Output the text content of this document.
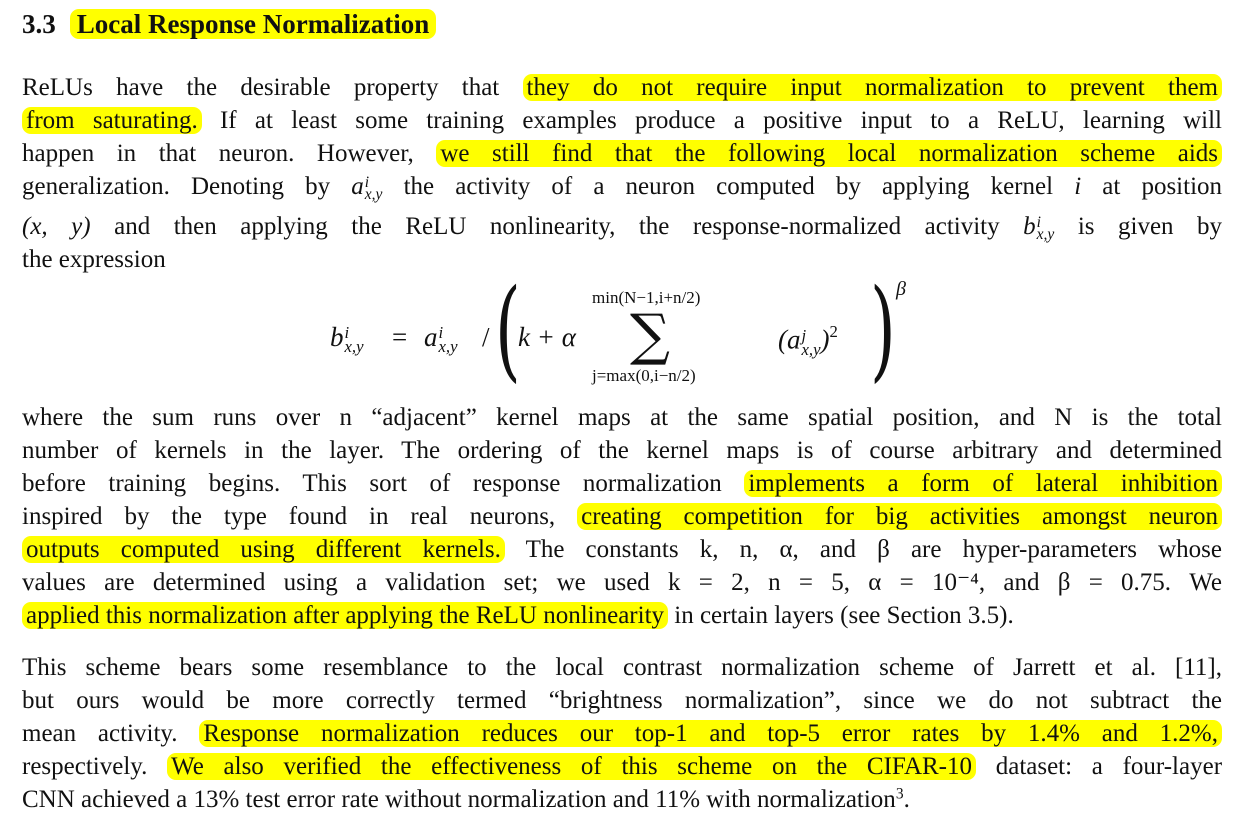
3.3 Local Response Normalization
ReLUs have the desirable property that they do not require input normalization to prevent them
from saturating. If at least some training examples produce a positive input to a ReLU, learning will
happen in that neuron. However, we still find that the following local normalization scheme aids
generalization. Denoting by a i
x,y the activity of a neuron computed by applying kernel i at position
(x, y) and then applying the ReLU nonlinearity, the response-normalized activity b i
x,y is given by
the expression
b i
x,y = a i
x,y / (
k + α
min(N−1,i+n/2)
∑
j=max(0,i−n/2)
(a j
x,y )$^2$ ) β
where the sum runs over n “adjacent” kernel maps at the same spatial position, and N is the total
number of kernels in the layer. The ordering of the kernel maps is of course arbitrary and determined
before training begins. This sort of response normalization implements a form of lateral inhibition
inspired by the type found in real neurons, creating competition for big activities amongst neuron
outputs computed using different kernels. The constants k, n, α, and β are hyper-parameters whose
values are determined using a validation set; we used k = 2, n = 5, α = 10⁻⁴, and β = 0.75. We
applied this normalization after applying the ReLU nonlinearity in certain layers (see Section 3.5).
This scheme bears some resemblance to the local contrast normalization scheme of Jarrett et al. [11],
but ours would be more correctly termed “brightness normalization”, since we do not subtract the
mean activity. Response normalization reduces our top-1 and top-5 error rates by 1.4% and 1.2%,
respectively. We also verified the effectiveness of this scheme on the CIFAR-10 dataset: a four-layer
CNN achieved a 13% test error rate without normalization and 11% with normalization$^3$.
